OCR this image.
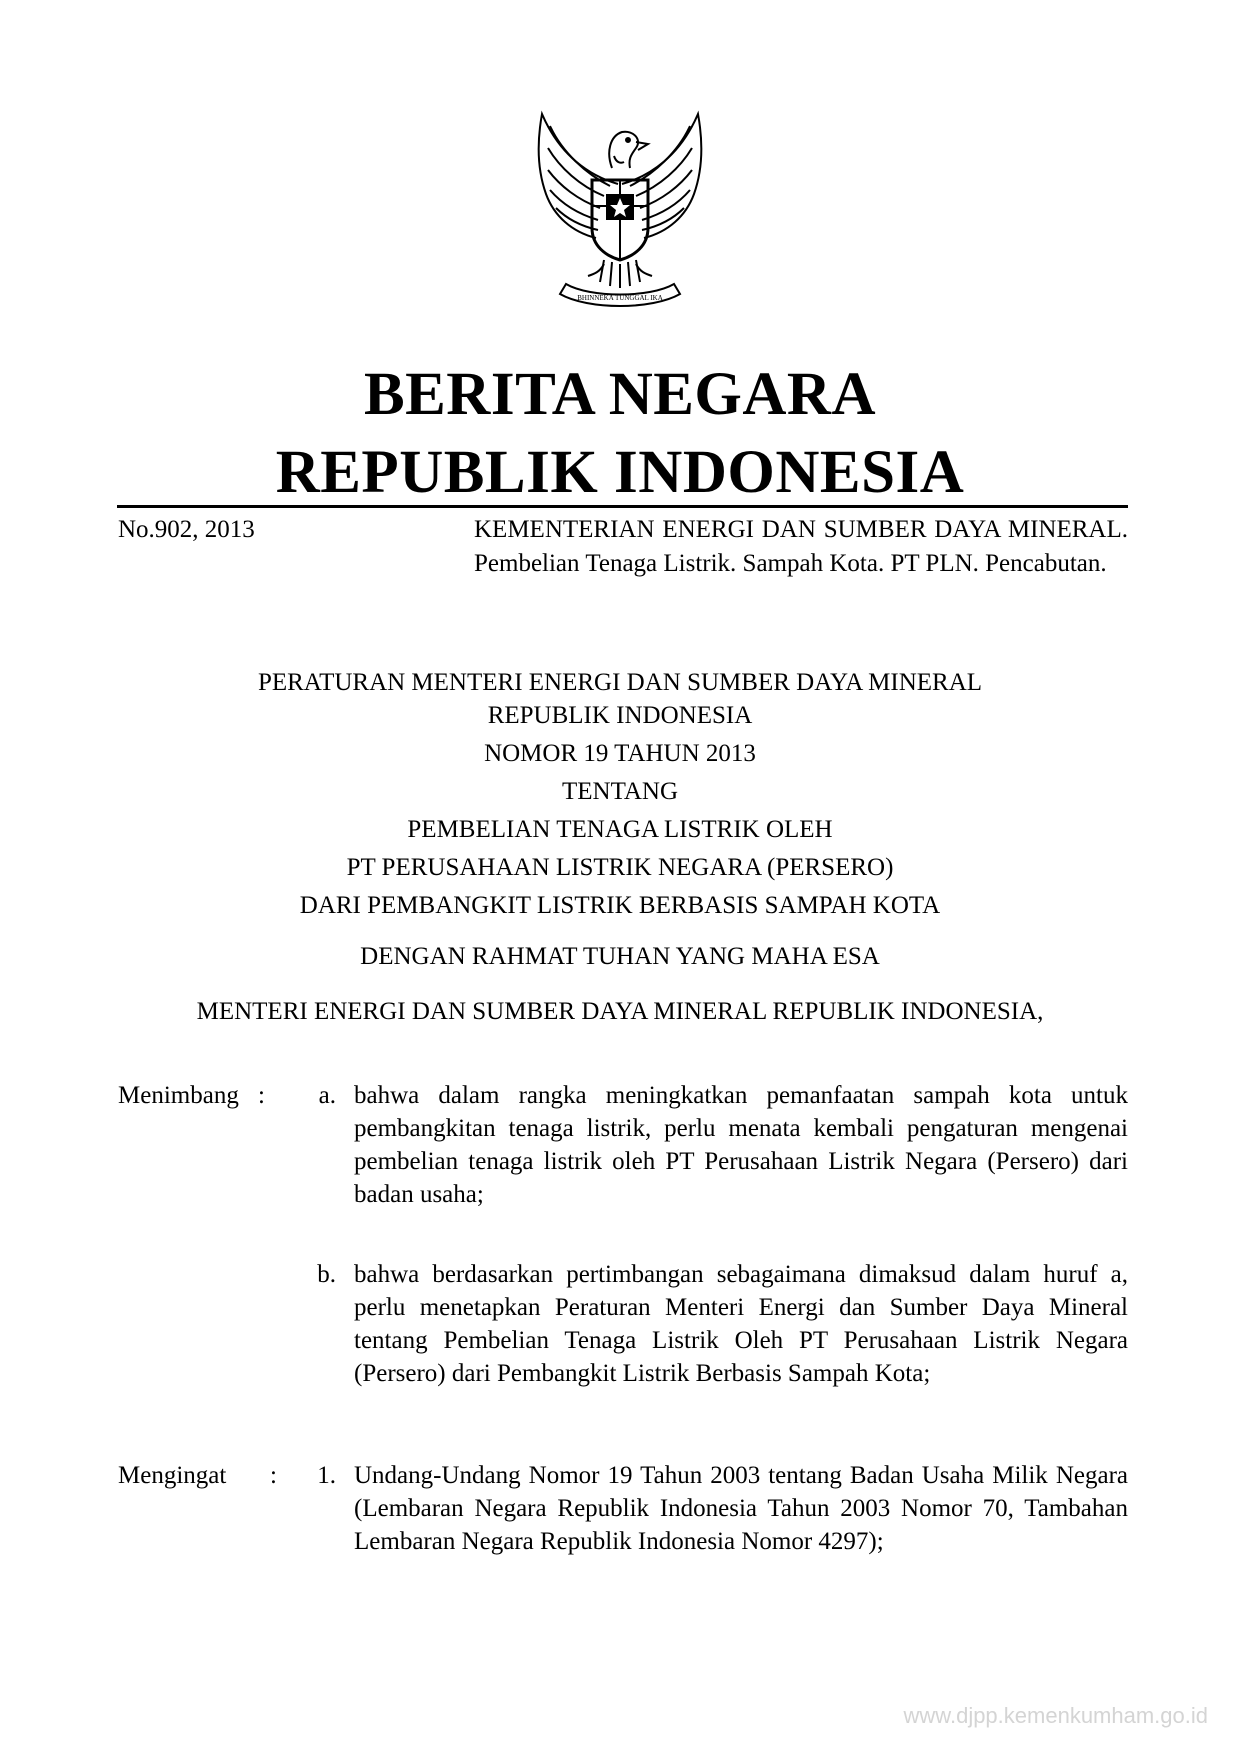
BHINNEKA TUNGGAL IKA
BERITA NEGARA
REPUBLIK INDONESIA
No.902, 2013	KEMENTERIAN ENERGI DAN SUMBER DAYA MINERAL. Pembelian Tenaga Listrik. Sampah Kota. PT PLN. Pencabutan.
PERATURAN MENTERI ENERGI DAN SUMBER DAYA MINERAL
REPUBLIK INDONESIA
NOMOR 19 TAHUN 2013
TENTANG
PEMBELIAN TENAGA LISTRIK OLEH
PT PERUSAHAAN LISTRIK NEGARA (PERSERO)
DARI PEMBANGKIT LISTRIK BERBASIS SAMPAH KOTA
DENGAN RAHMAT TUHAN YANG MAHA ESA
MENTERI ENERGI DAN SUMBER DAYA MINERAL REPUBLIK INDONESIA,
Menimbang :	a. bahwa dalam rangka meningkatkan pemanfaatan sampah kota untuk pembangkitan tenaga listrik, perlu menata kembali pengaturan mengenai pembelian tenaga listrik oleh PT Perusahaan Listrik Negara (Persero) dari badan usaha;
b. bahwa berdasarkan pertimbangan sebagaimana dimaksud dalam huruf a, perlu menetapkan Peraturan Menteri Energi dan Sumber Daya Mineral tentang Pembelian Tenaga Listrik Oleh PT Perusahaan Listrik Negara (Persero) dari Pembangkit Listrik Berbasis Sampah Kota;
Mengingat :	1. Undang-Undang Nomor 19 Tahun 2003 tentang Badan Usaha Milik Negara (Lembaran Negara Republik Indonesia Tahun 2003 Nomor 70, Tambahan Lembaran Negara Republik Indonesia Nomor 4297);
www.djpp.kemenkumham.go.id
